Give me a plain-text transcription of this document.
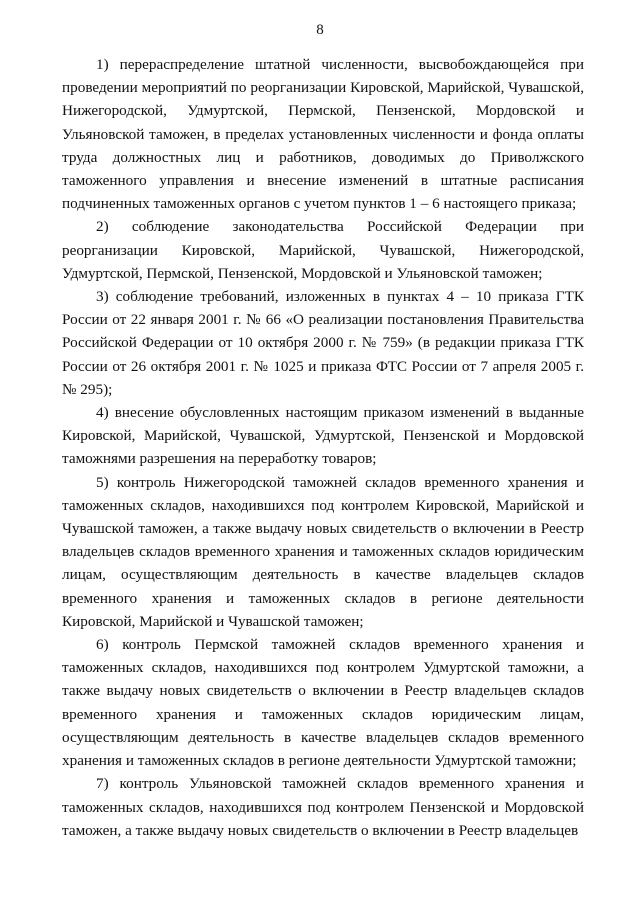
8

1) перераспределение штатной численности, высвобождающейся при проведении мероприятий по реорганизации Кировской, Марийской, Чувашской, Нижегородской, Удмуртской, Пермской, Пензенской, Мордовской и Ульяновской таможен, в пределах установленных численности и фонда оплаты труда должностных лиц и работников, доводимых до Приволжского таможенного управления и внесение изменений в штатные расписания подчиненных таможенных органов с учетом пунктов 1 – 6 настоящего приказа;

2) соблюдение законодательства Российской Федерации при реорганизации Кировской, Марийской, Чувашской, Нижегородской, Удмуртской, Пермской, Пензенской, Мордовской и Ульяновской таможен;

3) соблюдение требований, изложенных в пунктах 4 – 10 приказа ГТК России от 22 января 2001 г. № 66 «О реализации постановления Правительства Российской Федерации от 10 октября 2000 г. № 759» (в редакции приказа ГТК России от 26 октября 2001 г. № 1025 и приказа ФТС России от 7 апреля 2005 г. № 295);

4) внесение обусловленных настоящим приказом изменений в выданные Кировской, Марийской, Чувашской, Удмуртской, Пензенской и Мордовской таможнями разрешения на переработку товаров;

5) контроль Нижегородской таможней складов временного хранения и таможенных складов, находившихся под контролем Кировской, Марийской и Чувашской таможен, а также выдачу новых свидетельств о включении в Реестр владельцев складов временного хранения и таможенных складов юридическим лицам, осуществляющим деятельность в качестве владельцев складов временного хранения и таможенных складов в регионе деятельности Кировской, Марийской и Чувашской таможен;

6) контроль Пермской таможней складов временного хранения и таможенных складов, находившихся под контролем Удмуртской таможни, а также выдачу новых свидетельств о включении в Реестр владельцев складов временного хранения и таможенных складов юридическим лицам, осуществляющим деятельность в качестве владельцев складов временного хранения и таможенных складов в регионе деятельности Удмуртской таможни;

7) контроль Ульяновской таможней складов временного хранения и таможенных складов, находившихся под контролем Пензенской и Мордовской таможен, а также выдачу новых свидетельств о включении в Реестр владельцев
